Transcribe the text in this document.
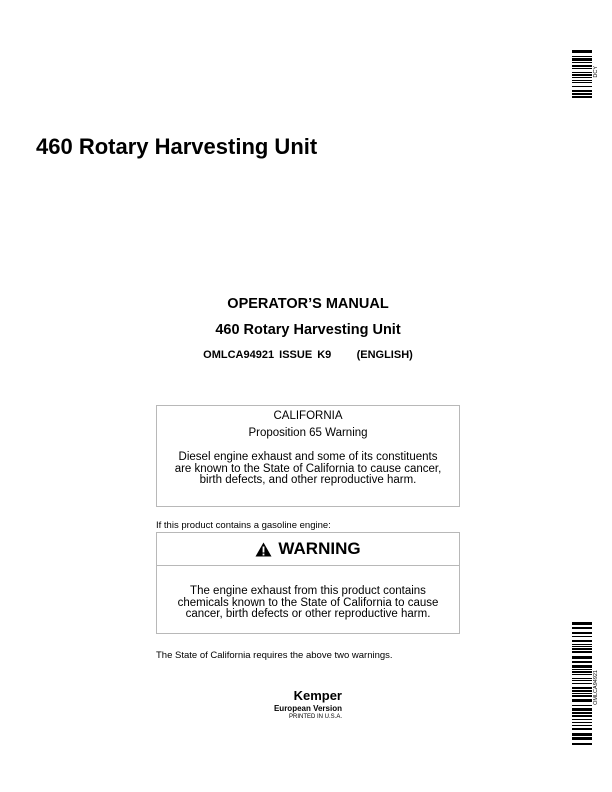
460 Rotary Harvesting Unit
OPERATOR’S MANUAL
460 Rotary Harvesting Unit
OMLCA94921 ISSUE K9 (ENGLISH)
CALIFORNIA
Proposition 65 Warning
Diesel engine exhaust and some of its constituents are known to the State of California to cause cancer, birth defects, and other reproductive harm.
If this product contains a gasoline engine:
WARNING
The engine exhaust from this product contains chemicals known to the State of California to cause cancer, birth defects or other reproductive harm.
The State of California requires the above two warnings.
Kemper
European Version
PRINTED IN U.S.A.
DCY
OMLCA94921
